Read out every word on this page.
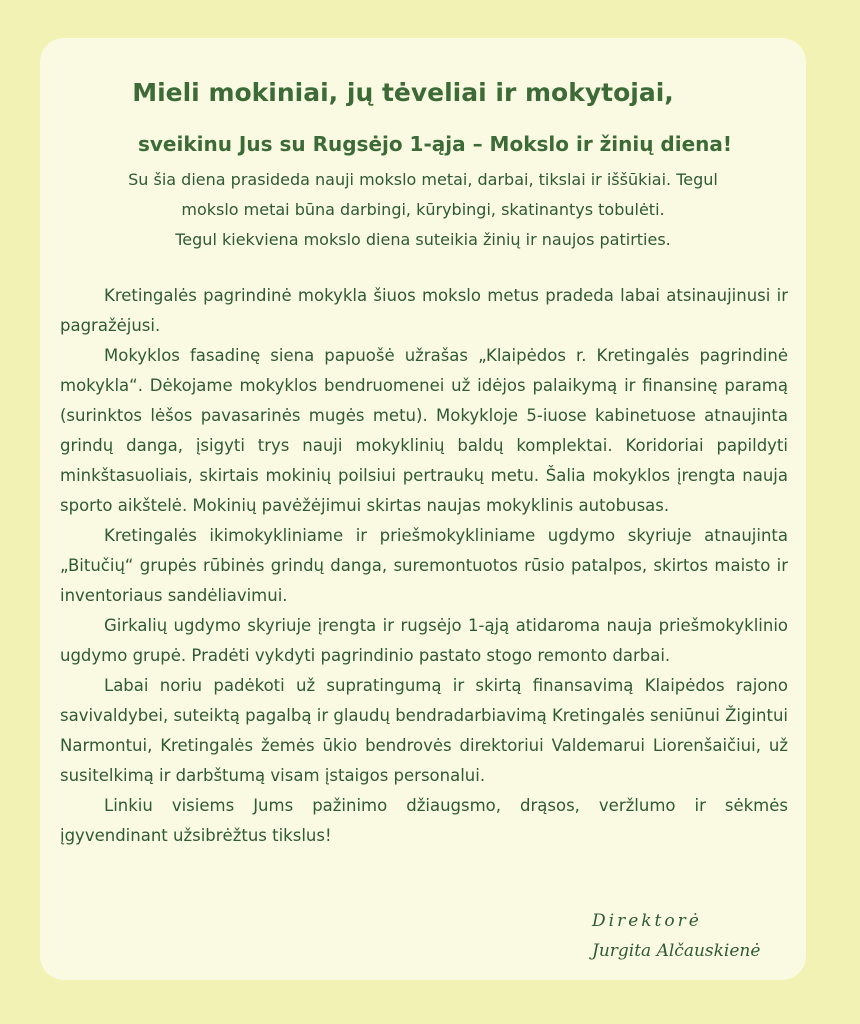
Mieli mokiniai, jų tėveliai ir mokytojai,
sveikinu Jus su Rugsėjo 1-ąja – Mokslo ir žinių diena!

Su šia diena prasideda nauji mokslo metai, darbai, tikslai ir iššūkiai. Tegul
mokslo metai būna darbingi, kūrybingi, skatinantys tobulėti.
Tegul kiekviena mokslo diena suteikia žinių ir naujos patirties.

Kretingalės pagrindinė mokykla šiuos mokslo metus pradeda labai atsinaujinusi ir pagražėjusi.

Mokyklos fasadinę siena papuošė užrašas „Klaipėdos r. Kretingalės pagrindinė mokykla“. Dėkojame mokyklos bendruomenei už idėjos palaikymą ir finansinę paramą (surinktos lėšos pavasarinės mugės metu). Mokykloje 5-iuose kabinetuose atnaujinta grindų danga, įsigyti trys nauji mokyklinių baldų komplektai. Koridoriai papildyti minkštasuoliais, skirtais mokinių poilsiui pertraukų metu. Šalia mokyklos įrengta nauja sporto aikštelė. Mokinių pavėžėjimui skirtas naujas mokyklinis autobusas.

Kretingalės ikimokykliniame ir priešmokykliniame ugdymo skyriuje atnaujinta „Bitučių“ grupės rūbinės grindų danga, suremontuotos rūsio patalpos, skirtos maisto ir inventoriaus sandėliavimui.

Girkalių ugdymo skyriuje įrengta ir rugsėjo 1-ąją atidaroma nauja priešmokyklinio ugdymo grupė. Pradėti vykdyti pagrindinio pastato stogo remonto darbai.

Labai noriu padėkoti už supratingumą ir skirtą finansavimą Klaipėdos rajono savivaldybei, suteiktą pagalbą ir glaudų bendradarbiavimą Kretingalės seniūnui Žigintui Narmontui, Kretingalės žemės ūkio bendrovės direktoriui Valdemarui Liorenšaičiui, už susitelkimą ir darbštumą visam įstaigos personalui.

Linkiu visiems Jums pažinimo džiaugsmo, drąsos, veržlumo ir sėkmės įgyvendinant užsibrėžtus tikslus!

Direktorė
Jurgita Alčauskienė
